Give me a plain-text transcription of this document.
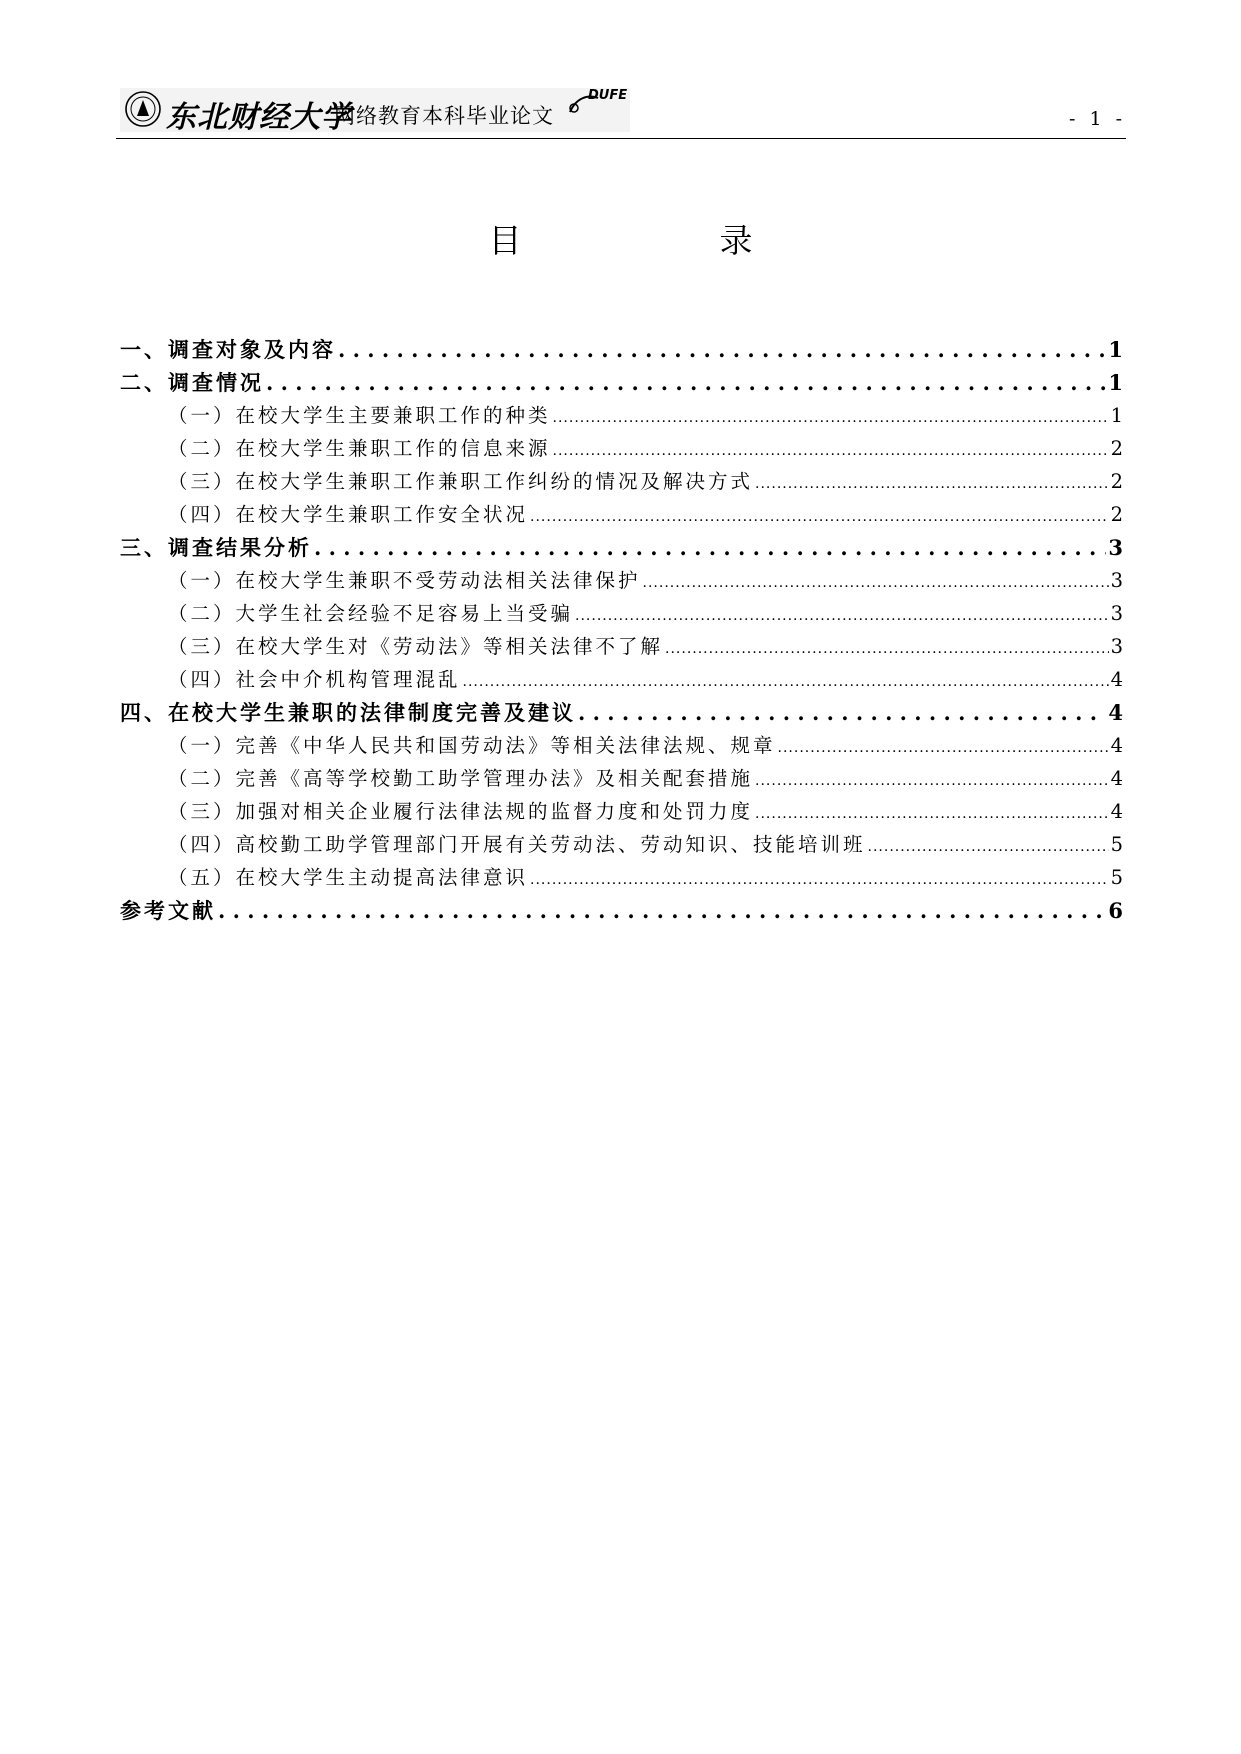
东北财经大学
网络教育本科毕业论文
DUFE
- 1 -
目	录
一、调查对象及内容 . . .	1
二、调查情况 . . .	1
（一）在校大学生主要兼职工作的种类 .....	1
（二）在校大学生兼职工作的信息来源 .....	2
（三）在校大学生兼职工作兼职工作纠纷的情况及解决方式 .....	2
（四）在校大学生兼职工作安全状况 .....	2
三、调查结果分析 . . .	3
（一）在校大学生兼职不受劳动法相关法律保护 .....	3
（二）大学生社会经验不足容易上当受骗 .....	3
（三）在校大学生对《劳动法》等相关法律不了解 .....	3
（四）社会中介机构管理混乱 .....	4
四、在校大学生兼职的法律制度完善及建议 . . .	4
（一）完善《中华人民共和国劳动法》等相关法律法规、规章 .....	4
（二）完善《高等学校勤工助学管理办法》及相关配套措施 .....	4
（三）加强对相关企业履行法律法规的监督力度和处罚力度 .....	4
（四）高校勤工助学管理部门开展有关劳动法、劳动知识、技能培训班 .....	5
（五）在校大学生主动提高法律意识 .....	5
参考文献 . . .	6
